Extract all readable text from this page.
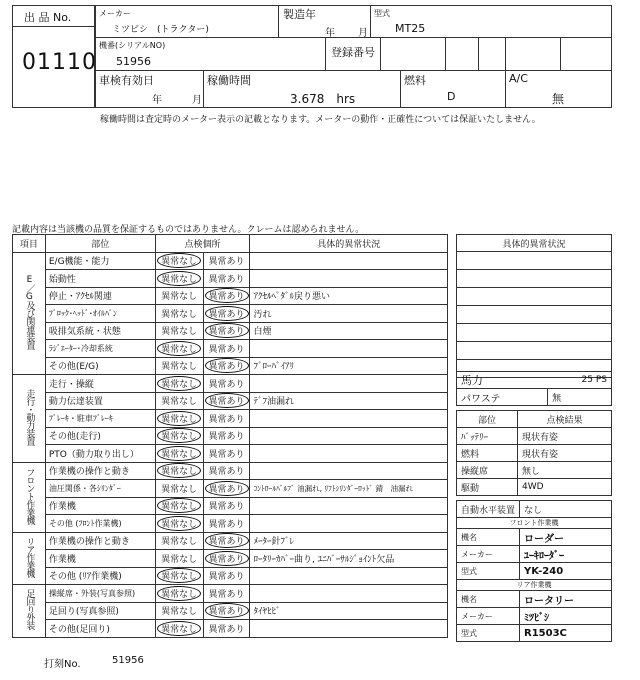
出 品 No.
01110
メーカー
ミツビシ　(トラクター)
製造年
年 月
型式
MT25
機番(シリアルNO)
51956
登録番号
車検有効日
年	月
稼働時間
3.678　hrs
燃料
D
A/C
無
稼働時間は査定時のメーター表示の記載となります。メーターの動作・正確性については保証いたしません。
記載内容は当該機の品質を保証するものではありません。クレームは認められません。
項目	部位	点検個所		具体的異常状況
E／G及び関連装置	E/G機能・能力	異常なし	異常あり	
	始動性	異常なし	異常あり	
	停止・ｱｸｾﾙ関連	異常なし	異常あり	ｱｸｾﾙﾍﾟﾀﾞﾙ戻り悪い
	ﾌﾞﾛｯｸ･ﾍｯﾄﾞ･ｵｲﾙﾊﾟﾝ	異常なし	異常あり	汚れ
	吸排気系統・状態	異常なし	異常あり	白煙
	ﾗｼﾞｴｰﾀｰ･冷却系統	異常なし	異常あり	
	その他(E/G)	異常なし	異常あり	ﾌﾞﾛｰﾊﾞｲｱﾘ
走行・動力装置	走行・操縦	異常なし	異常あり	
	動力伝達装置	異常なし	異常あり	ﾃﾞﾌ油漏れ
	ﾌﾞﾚｰｷ・駐車ﾌﾞﾚｰｷ	異常なし	異常あり	
	その他(走行)	異常なし	異常あり	
	PTO（動力取り出し）	異常なし	異常あり	
フロント作業機	作業機の操作と動き	異常なし	異常あり	
	油圧関係・各ｼﾘﾝﾀﾞｰ	異常なし	異常あり	ｺﾝﾄﾛｰﾙﾊﾞﾙﾌﾞ 油漏れ, ﾘﾌﾄｼﾘﾝﾀﾞｰﾛｯﾄﾞ 錆　油漏れ
	作業機	異常なし	異常あり	
	その他 (ﾌﾛﾝﾄ作業機)	異常なし	異常あり	
リア作業機	作業機の操作と動き	異常なし	異常あり	ﾒｰﾀｰ針ﾌﾞﾚ
	作業機	異常なし	異常あり	ﾛｰﾀﾘｰｶﾊﾞｰ曲り, ﾕﾆﾊﾞｰｻﾙｼﾞｮｲﾝﾄ欠品
	その他 (ﾘｱ作業機)	異常なし	異常あり	
足回り外装	操縦席・外装(写真参照)	異常なし	異常あり	
	足回り(写真参照)	異常なし	異常あり	ﾀｲﾔﾋﾋﾞ
	その他(足回り)	異常なし	異常あり	
具体的異常状況

馬力	25 PS
パワステ	無
部位	点検結果
ﾊﾞｯﾃﾘｰ	現状有姿
燃料	現状有姿
操縦席	無し
駆動	4WD
自動水平装置	なし
フロント作業機	
機名	ローダー
メーカー	ﾕｰｷﾛｰﾀﾞｰ
型式	YK-240
リア作業機	
機名	ロータリー
メーカー	ﾐﾂﾋﾞｼ
型式	R1503C
打刻No.	51956
